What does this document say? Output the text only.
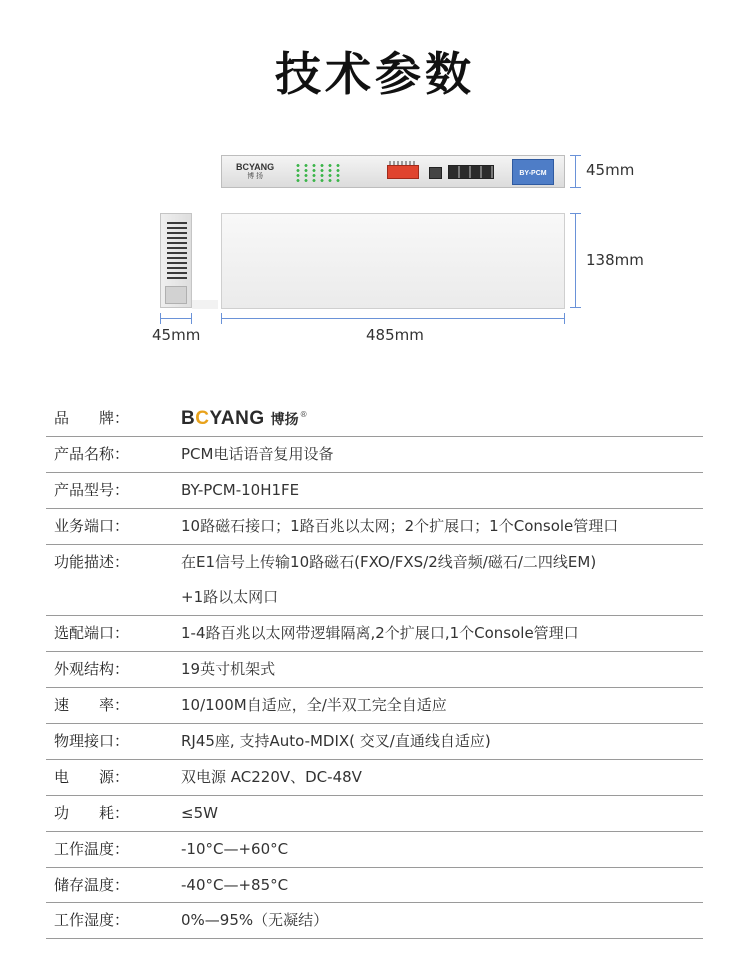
技术参数
BCYANG
博 扬	BY-PCM	45mm
138mm
45mm	485mm
品　　牌：	BCYANG 博扬®
产品名称：	PCM电话语音复用设备
产品型号：	BY-PCM-10H1FE
业务端口：	10路磁石接口；1路百兆以太网；2个扩展口；1个Console管理口
功能描述：	在E1信号上传输10路磁石(FXO/FXS/2线音频/磁石/二四线EM)
+1路以太网口
选配端口：	1-4路百兆以太网带逻辑隔离,2个扩展口,1个Console管理口
外观结构：	19英寸机架式
速　　率：	10/100M自适应，全/半双工完全自适应
物理接口：	RJ45座, 支持Auto-MDIX( 交叉/直通线自适应)
电　　源：	双电源 AC220V、DC-48V
功　　耗：	≤5W
工作温度：	-10°C—+60°C
储存温度：	-40°C—+85°C
工作湿度：	0%—95%（无凝结）
